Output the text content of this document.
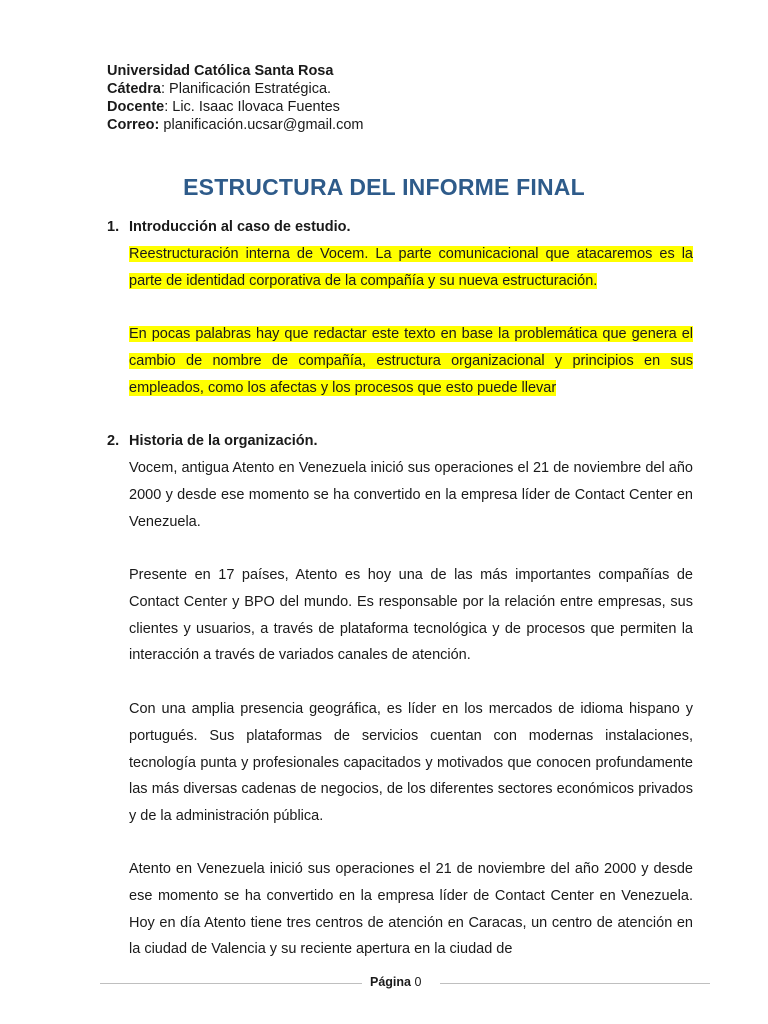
Universidad Católica Santa Rosa
Cátedra: Planificación Estratégica.
Docente: Lic. Isaac Ilovaca Fuentes
Correo: planificación.ucsar@gmail.com
ESTRUCTURA DEL INFORME FINAL
1. Introducción al caso de estudio.
Reestructuración interna de Vocem. La parte comunicacional que atacaremos es la parte de identidad corporativa de la compañía y su nueva estructuración.
En pocas palabras hay que redactar este texto en base la problemática que genera el cambio de nombre de compañía, estructura organizacional y principios en sus empleados, como los afectas y los procesos que esto puede llevar
2. Historia de la organización.
Vocem, antigua Atento en Venezuela inició sus operaciones el 21 de noviembre del año 2000 y desde ese momento se ha convertido en la empresa líder de Contact Center en Venezuela.
Presente en 17 países, Atento es hoy una de las más importantes compañías de Contact Center y BPO del mundo. Es responsable por la relación entre empresas, sus clientes y usuarios, a través de plataforma tecnológica y de procesos que permiten la interacción a través de variados canales de atención.
Con una amplia presencia geográfica, es líder en los mercados de idioma hispano y portugués. Sus plataformas de servicios cuentan con modernas instalaciones, tecnología punta y profesionales capacitados y motivados que conocen profundamente las más diversas cadenas de negocios, de los diferentes sectores económicos privados y de la administración pública.
Atento en Venezuela inició sus operaciones el 21 de noviembre del año 2000 y desde ese momento se ha convertido en la empresa líder de Contact Center en Venezuela. Hoy en día Atento tiene tres centros de atención en Caracas, un centro de atención en la ciudad de Valencia y su reciente apertura en la ciudad de
Página 0
